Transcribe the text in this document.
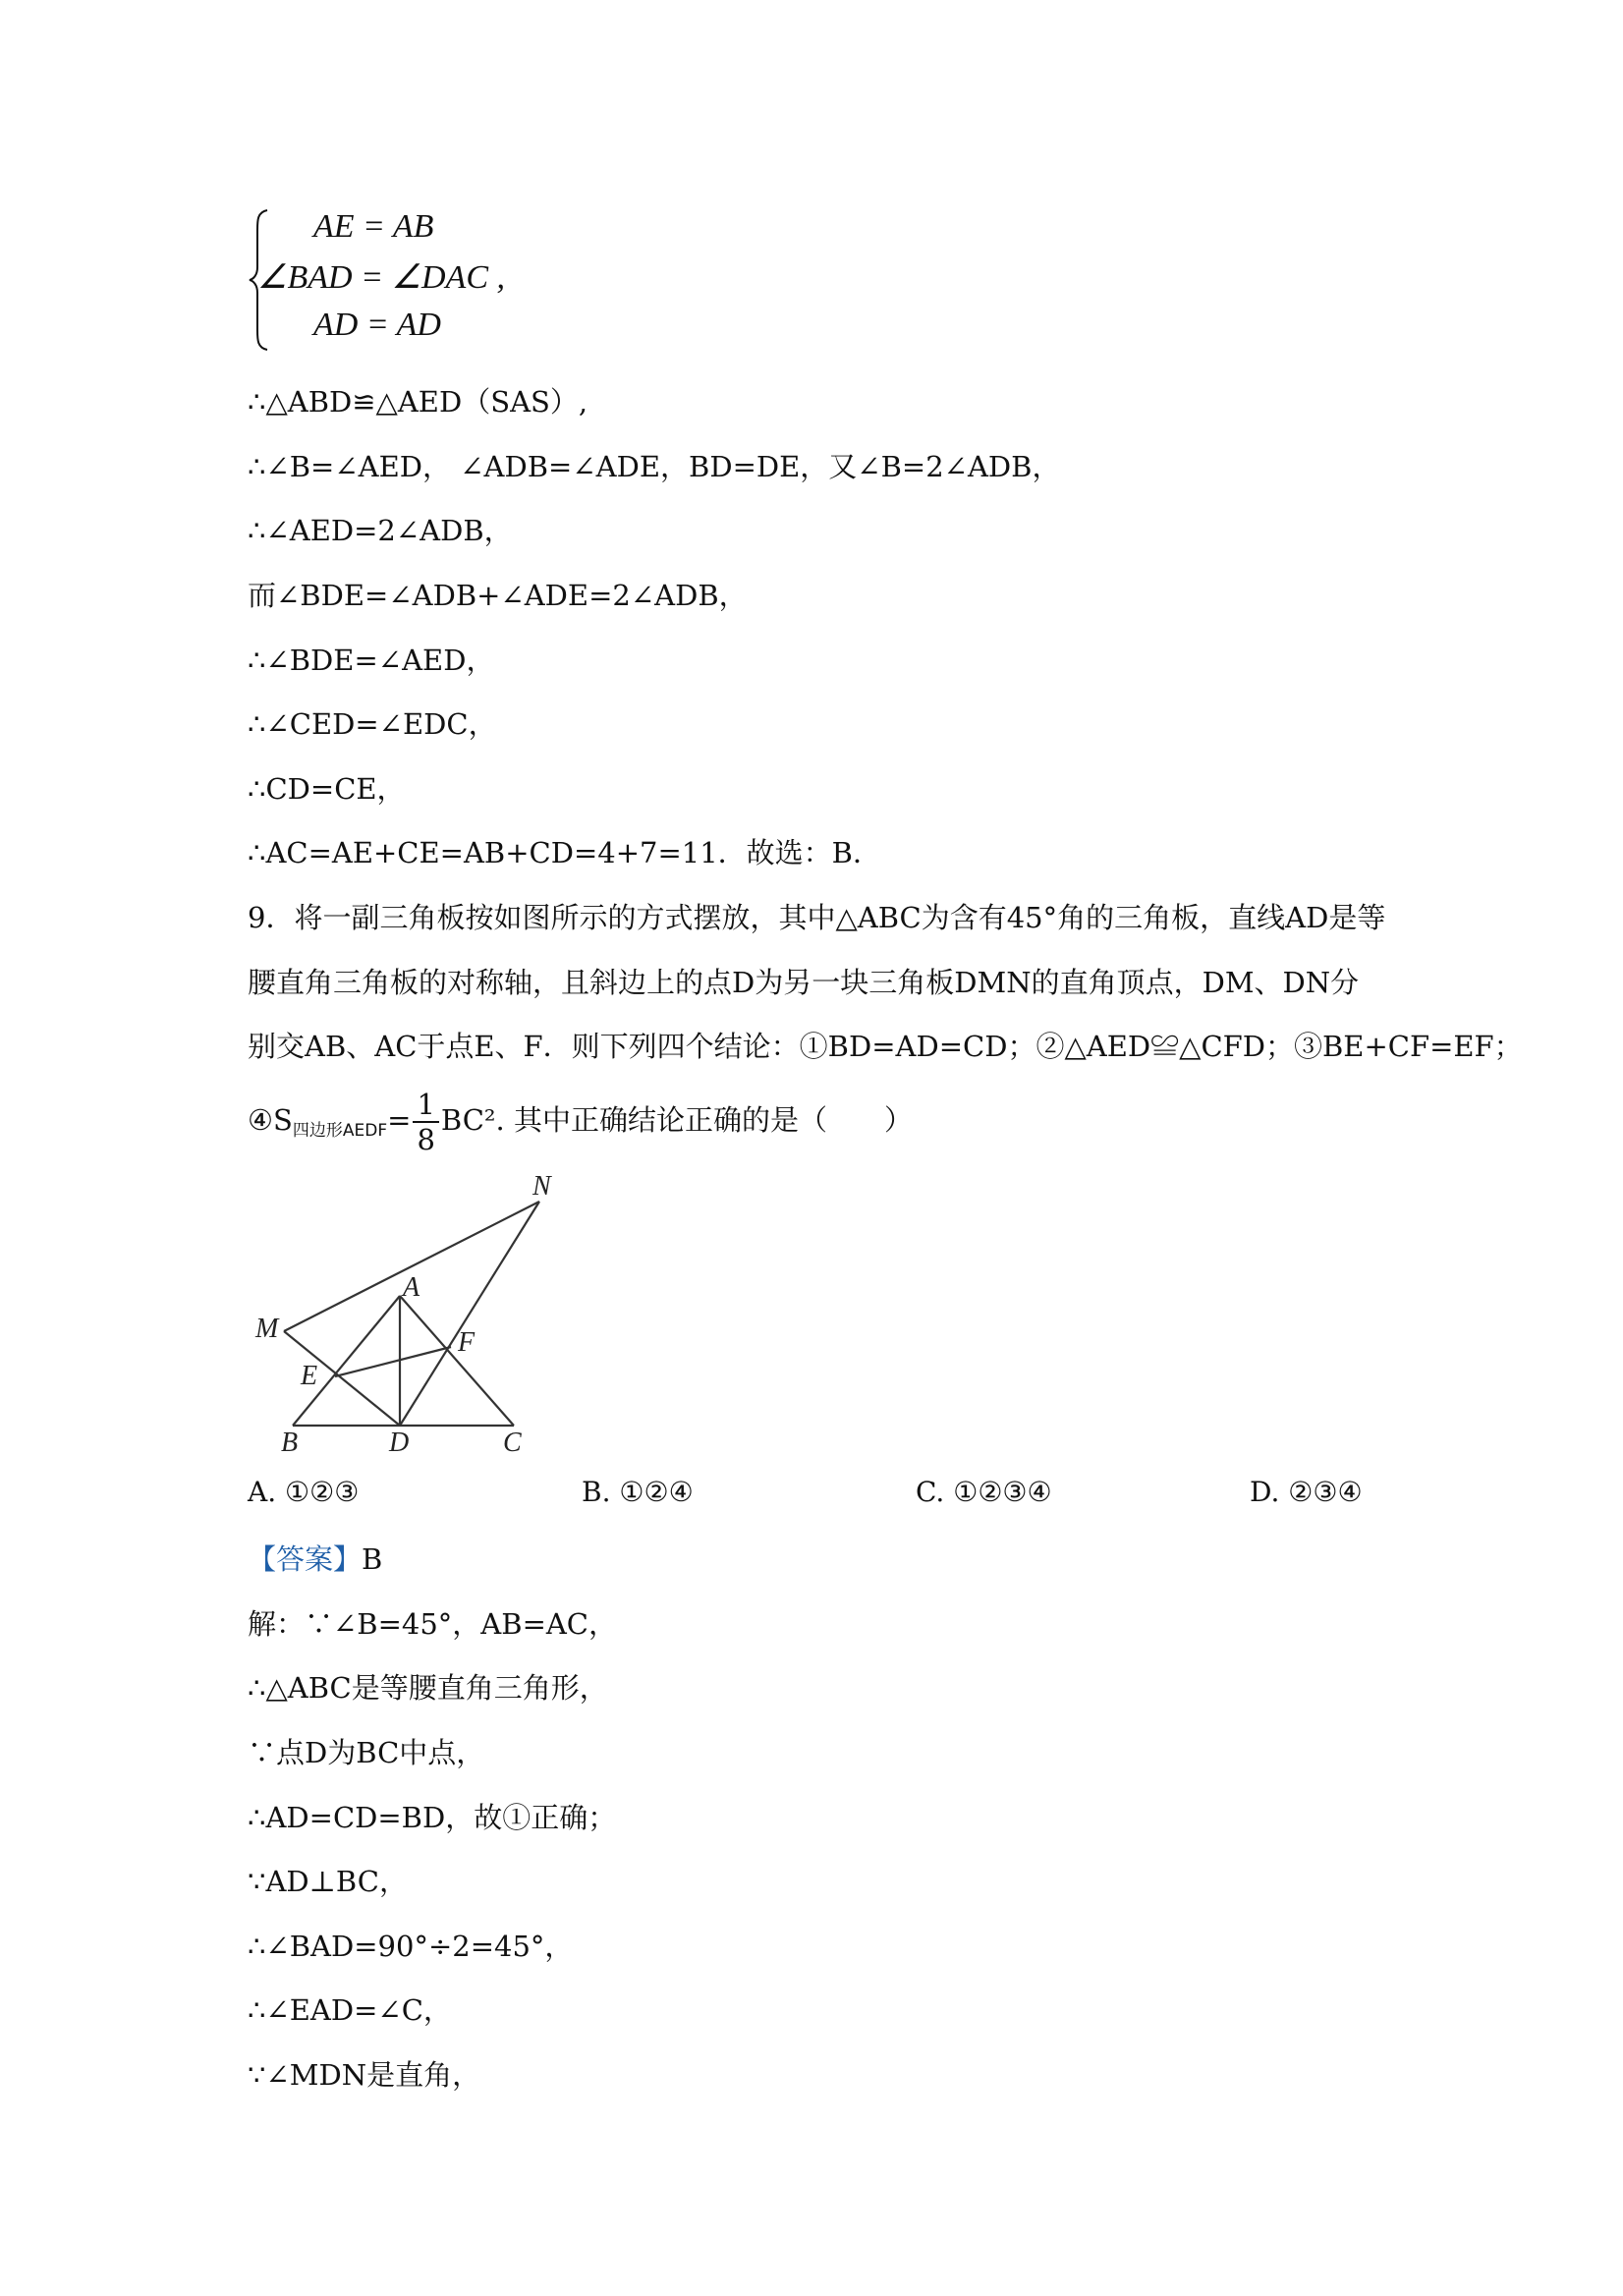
AE = AB
∠BAD = ∠DAC ,
AD = AD
∴△ABD≌△AED（SAS）,
∴∠B=∠AED， ∠ADB=∠ADE，BD=DE，又∠B=2∠ADB，
∴∠AED=2∠ADB，
而∠BDE=∠ADB+∠ADE=2∠ADB，
∴∠BDE=∠AED，
∴∠CED=∠EDC，
∴CD=CE，
∴AC=AE+CE=AB+CD=4+7=11．故选：B．
9．将一副三角板按如图所示的方式摆放，其中△ABC为含有45°角的三角板，直线AD是等
腰直角三角板的对称轴，且斜边上的点D为另一块三角板DMN的直角顶点，DM、DN分
别交AB、AC于点E、F．则下列四个结论：①BD=AD=CD；②△AED≌△CFD；③BE+CF=EF；
$④S_{四边形AEDF}= \frac{1}{8} BC^2$. 其中正确结论正确的是（　　）
N
A
M	F
E
B	D	C
A. ①②③	B. ①②④	C. ①②③④	D. ②③④
【答案】B
解：∵∠B=45°，AB=AC，
∴△ABC是等腰直角三角形，
∵点D为BC中点，
∴AD=CD=BD，故①正确；
∵AD⊥BC，
∴∠BAD=90°÷2=45°，
∴∠EAD=∠C，
∵∠MDN是直角，
